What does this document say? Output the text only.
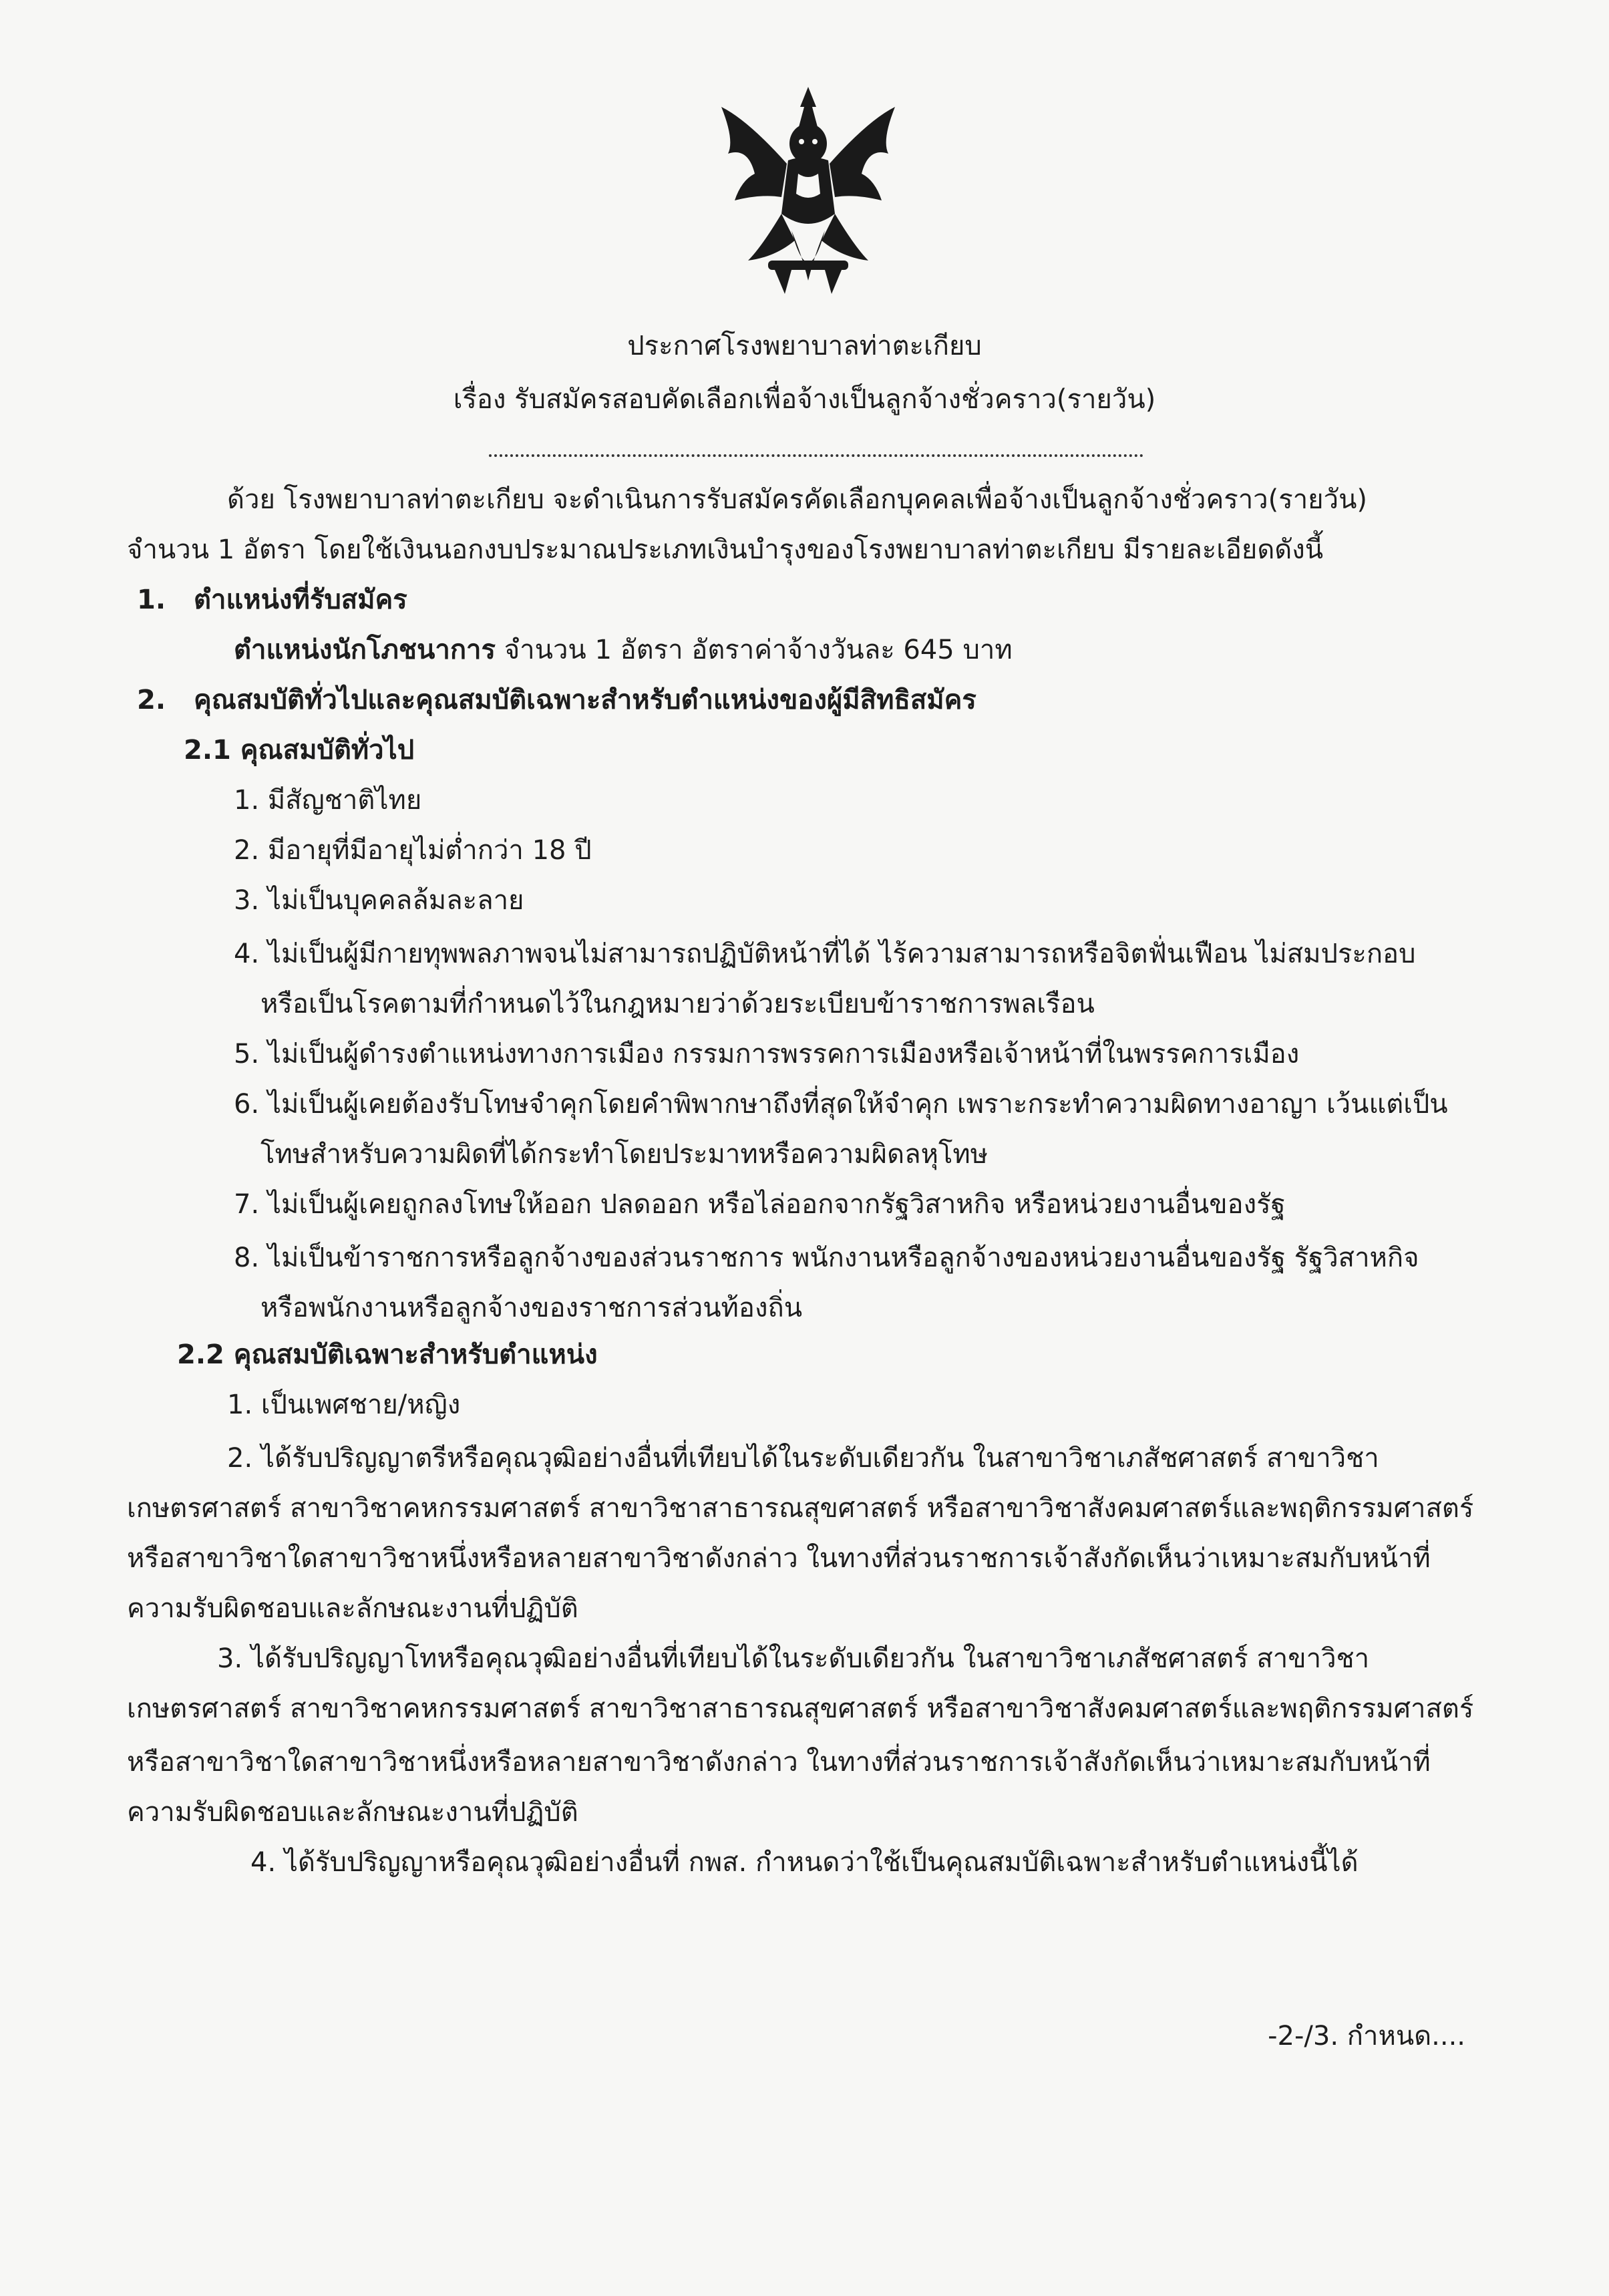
ประกาศโรงพยาบาลท่าตะเกียบ
เรื่อง รับสมัครสอบคัดเลือกเพื่อจ้างเป็นลูกจ้างชั่วคราว(รายวัน)
ด้วย โรงพยาบาลท่าตะเกียบ จะดำเนินการรับสมัครคัดเลือกบุคคลเพื่อจ้างเป็นลูกจ้างชั่วคราว(รายวัน)
จำนวน 1 อัตรา โดยใช้เงินนอกงบประมาณประเภทเงินบำรุงของโรงพยาบาลท่าตะเกียบ มีรายละเอียดดังนี้
1. ตำแหน่งที่รับสมัคร
ตำแหน่งนักโภชนาการ จำนวน 1 อัตรา อัตราค่าจ้างวันละ 645 บาท
2. คุณสมบัติทั่วไปและคุณสมบัติเฉพาะสำหรับตำแหน่งของผู้มีสิทธิสมัคร
2.1 คุณสมบัติทั่วไป
1. มีสัญชาติไทย
2. มีอายุที่มีอายุไม่ต่ำกว่า 18 ปี
3. ไม่เป็นบุคคลล้มละลาย
4. ไม่เป็นผู้มีกายทุพพลภาพจนไม่สามารถปฏิบัติหน้าที่ได้ ไร้ความสามารถหรือจิตฟั่นเฟือน ไม่สมประกอบ
หรือเป็นโรคตามที่กำหนดไว้ในกฎหมายว่าด้วยระเบียบข้าราชการพลเรือน
5. ไม่เป็นผู้ดำรงตำแหน่งทางการเมือง กรรมการพรรคการเมืองหรือเจ้าหน้าที่ในพรรคการเมือง
6. ไม่เป็นผู้เคยต้องรับโทษจำคุกโดยคำพิพากษาถึงที่สุดให้จำคุก เพราะกระทำความผิดทางอาญา เว้นแต่เป็น
โทษสำหรับความผิดที่ได้กระทำโดยประมาทหรือความผิดลหุโทษ
7. ไม่เป็นผู้เคยถูกลงโทษให้ออก ปลดออก หรือไล่ออกจากรัฐวิสาหกิจ หรือหน่วยงานอื่นของรัฐ
8. ไม่เป็นข้าราชการหรือลูกจ้างของส่วนราชการ พนักงานหรือลูกจ้างของหน่วยงานอื่นของรัฐ รัฐวิสาหกิจ
หรือพนักงานหรือลูกจ้างของราชการส่วนท้องถิ่น
2.2 คุณสมบัติเฉพาะสำหรับตำแหน่ง
1. เป็นเพศชาย/หญิง
2. ได้รับปริญญาตรีหรือคุณวุฒิอย่างอื่นที่เทียบได้ในระดับเดียวกัน ในสาขาวิชาเภสัชศาสตร์ สาขาวิชา
เกษตรศาสตร์ สาขาวิชาคหกรรมศาสตร์ สาขาวิชาสาธารณสุขศาสตร์ หรือสาขาวิชาสังคมศาสตร์และพฤติกรรมศาสตร์
หรือสาขาวิชาใดสาขาวิชาหนึ่งหรือหลายสาขาวิชาดังกล่าว ในทางที่ส่วนราชการเจ้าสังกัดเห็นว่าเหมาะสมกับหน้าที่
ความรับผิดชอบและลักษณะงานที่ปฏิบัติ
3. ได้รับปริญญาโทหรือคุณวุฒิอย่างอื่นที่เทียบได้ในระดับเดียวกัน ในสาขาวิชาเภสัชศาสตร์ สาขาวิชา
เกษตรศาสตร์ สาขาวิชาคหกรรมศาสตร์ สาขาวิชาสาธารณสุขศาสตร์ หรือสาขาวิชาสังคมศาสตร์และพฤติกรรมศาสตร์
หรือสาขาวิชาใดสาขาวิชาหนึ่งหรือหลายสาขาวิชาดังกล่าว ในทางที่ส่วนราชการเจ้าสังกัดเห็นว่าเหมาะสมกับหน้าที่
ความรับผิดชอบและลักษณะงานที่ปฏิบัติ
4. ได้รับปริญญาหรือคุณวุฒิอย่างอื่นที่ กพส. กำหนดว่าใช้เป็นคุณสมบัติเฉพาะสำหรับตำแหน่งนี้ได้
-2-/3. กำหนด....
